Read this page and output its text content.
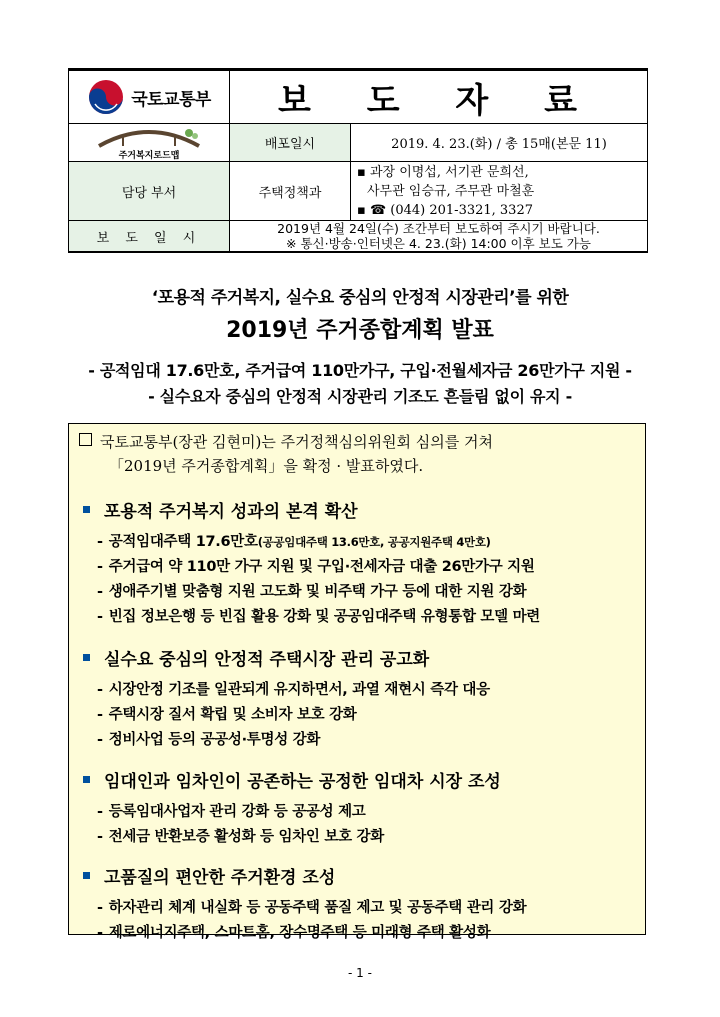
국토교통부	보 도 자 료	

주거복지로드맵	배포일시	2019. 4. 23.(화) / 총 15매(본문 11)
담당 부서	주택정책과	▪ 과장 이명섭, 서기관 문희선,
사무관 임승규, 주무관 마철훈
▪ ☎ (044) 201-3321, 3327

보 도 일 시	2019년 4월 24일(수) 조간부터 보도하여 주시기 바랍니다.
※ 통신·방송·인터넷은 4. 23.(화) 14:00 이후 보도 가능	
‘포용적 주거복지, 실수요 중심의 안정적 시장관리’를 위한
2019년 주거종합계획 발표
- 공적임대 17.6만호, 주거급여 110만가구, 구입·전월세자금 26만가구 지원 -
- 실수요자 중심의 안정적 시장관리 기조도 흔들림 없이 유지 -
국토교통부(장관 김현미)는 주거정책심의위원회 심의를 거쳐
「2019년 주거종합계획」을 확정 · 발표하였다.
포용적 주거복지 성과의 본격 확산
- 공적임대주택 17.6만호(공공임대주택 13.6만호, 공공지원주택 4만호)
- 주거급여 약 110만 가구 지원 및 구입·전세자금 대출 26만가구 지원
- 생애주기별 맞춤형 지원 고도화 및 비주택 가구 등에 대한 지원 강화
- 빈집 정보은행 등 빈집 활용 강화 및 공공임대주택 유형통합 모델 마련
실수요 중심의 안정적 주택시장 관리 공고화
- 시장안정 기조를 일관되게 유지하면서, 과열 재현시 즉각 대응
- 주택시장 질서 확립 및 소비자 보호 강화
- 정비사업 등의 공공성·투명성 강화
임대인과 임차인이 공존하는 공정한 임대차 시장 조성
- 등록임대사업자 관리 강화 등 공공성 제고
- 전세금 반환보증 활성화 등 임차인 보호 강화
고품질의 편안한 주거환경 조성
- 하자관리 체계 내실화 등 공동주택 품질 제고 및 공동주택 관리 강화
- 제로에너지주택, 스마트홈, 장수명주택 등 미래형 주택 활성화
- 1 -
